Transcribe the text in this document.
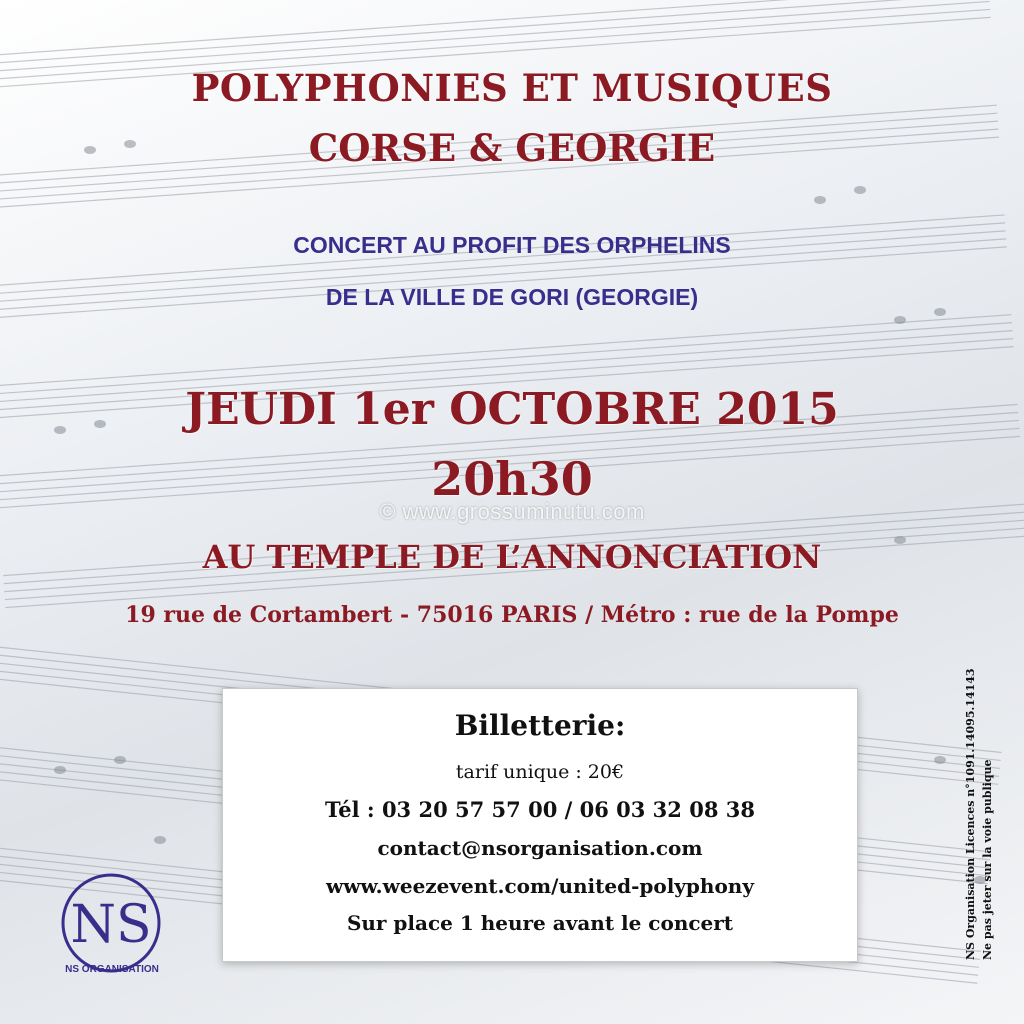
POLYPHONIES ET MUSIQUES
CORSE & GEORGIE
CONCERT AU PROFIT DES ORPHELINS
DE LA VILLE DE GORI (GEORGIE)
JEUDI 1er OCTOBRE 2015
20h30
© www.grossuminutu.com
AU TEMPLE DE L’ANNONCIATION
19 rue de Cortambert - 75016 PARIS / Métro : rue de la Pompe
Billetterie:
tarif unique : 20€
Tél : 03 20 57 57 00 / 06 03 32 08 38
contact@nsorganisation.com
www.weezevent.com/united-polyphony
Sur place 1 heure avant le concert
NS
NS ORGANISATION
NS Organisation Licences n°1091.14095.14143 Ne pas jeter sur la voie publique
